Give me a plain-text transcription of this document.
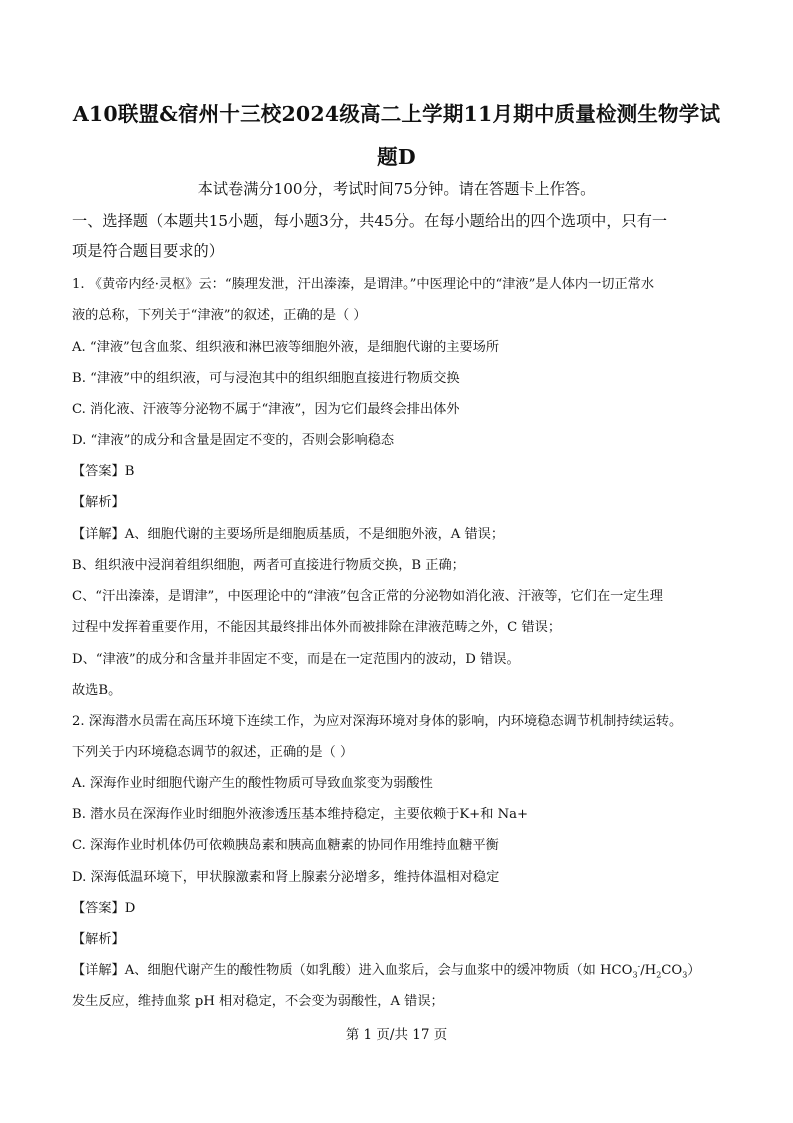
A10联盟&宿州十三校2024级高二上学期11月期中质量检测生物学试
题D
本试卷满分100分，考试时间75分钟。请在答题卡上作答。
一、选择题（本题共15小题，每小题3分，共45分。在每小题给出的四个选项中，只有一
项是符合题目要求的）
1. 《黄帝内经·灵枢》云：“腠理发泄，汗出溱溱，是谓津。”中医理论中的“津液”是人体内一切正常水
液的总称，下列关于“津液”的叙述，正确的是（ ）
A. “津液”包含血浆、组织液和淋巴液等细胞外液，是细胞代谢的主要场所
B. “津液”中的组织液，可与浸泡其中的组织细胞直接进行物质交换
C. 消化液、汗液等分泌物不属于“津液”，因为它们最终会排出体外
D. “津液”的成分和含量是固定不变的，否则会影响稳态
【答案】B
【解析】
【详解】A、细胞代谢的主要场所是细胞质基质，不是细胞外液，A 错误；
B、组织液中浸润着组织细胞，两者可直接进行物质交换，B 正确；
C、“汗出溱溱，是谓津”，中医理论中的“津液”包含正常的分泌物如消化液、汗液等，它们在一定生理
过程中发挥着重要作用，不能因其最终排出体外而被排除在津液范畴之外，C 错误；
D、“津液”的成分和含量并非固定不变，而是在一定范围内的波动，D 错误。
故选B。
2. 深海潜水员需在高压环境下连续工作，为应对深海环境对身体的影响，内环境稳态调节机制持续运转。
下列关于内环境稳态调节的叙述，正确的是（ ）
A. 深海作业时细胞代谢产生的酸性物质可导致血浆变为弱酸性
B. 潜水员在深海作业时细胞外液渗透压基本维持稳定，主要依赖于K+和 Na+
C. 深海作业时机体仍可依赖胰岛素和胰高血糖素的协同作用维持血糖平衡
D. 深海低温环境下，甲状腺激素和肾上腺素分泌增多，维持体温相对稳定
【答案】D
【解析】
【详解】A、细胞代谢产生的酸性物质（如乳酸）进入血浆后，会与血浆中的缓冲物质（如 $HCO_3^-/H_2CO_3$）
发生反应，维持血浆 pH 相对稳定，不会变为弱酸性，A 错误；
第 1 页/共 17 页
